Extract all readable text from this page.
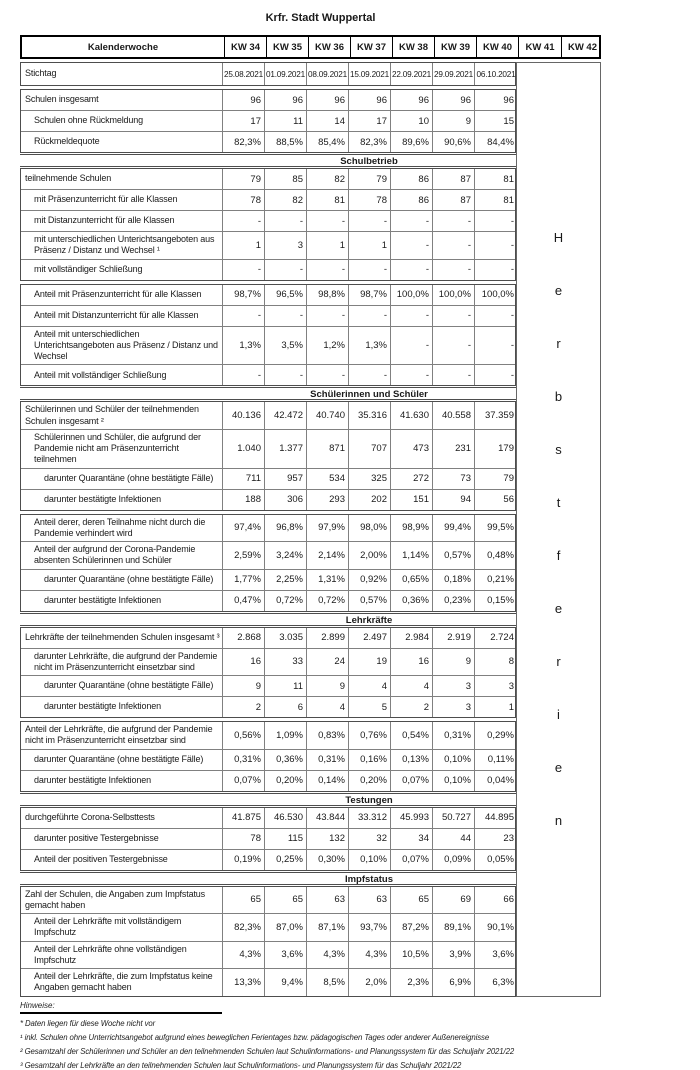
Krfr. Stadt Wuppertal
Kalenderwoche	KW 34	KW 35	KW 36	KW 37	KW 38	KW 39	KW 40	KW 41	KW 42
Stichtag	25.08.2021 01.09.2021 08.09.2021 15.09.2021 22.09.2021 29.09.2021 06.10.2021
Schulen insgesamt	96	96	96	96	96	96	96
Schulen ohne Rückmeldung	17	11	14	17	10	9	15
Rückmeldequote	82,3%	88,5%	85,4%	82,3%	89,6%	90,6%	84,4%
Schulbetrieb
teilnehmende Schulen	79	85	82	79	86	87	81
mit Präsenzunterricht für alle Klassen	78	82	81	78	86	87	81
mit Distanzunterricht für alle Klassen	-	-	-	-	-	-	-
mit unterschiedlichen Unterichtsangeboten aus Präsenz / Distanz und Wechsel ¹	1	3	1	1	-	-	-
mit vollständiger Schließung	-	-	-	-	-	-	-
Anteil mit Präsenzunterricht für alle Klassen	98,7%	96,5%	98,8%	98,7%	100,0%	100,0%	100,0%
Anteil mit Distanzunterricht für alle Klassen	-	-	-	-	-	-	-
Anteil mit unterschiedlichen Unterichtsangeboten aus Präsenz / Distanz und Wechsel
1,3%	3,5%	1,2%	1,3%	-	-	-
Anteil mit vollständiger Schließung	-	-	-	-	-	-	-
Schülerinnen und Schüler
Schülerinnen und Schüler der teilnehmenden Schulen insgesamt ²	40.136	42.472	40.740	35.316	41.630	40.558	37.359
Schülerinnen und Schüler, die aufgrund der Pandemie nicht am Präsenzunterricht teilnehmen
1.040	1.377	871	707	473	231	179
darunter Quarantäne (ohne bestätigte Fälle)	711	957	534	325	272	73	79
darunter bestätigte Infektionen	188	306	293	202	151	94	56
Anteil derer, deren Teilnahme nicht durch die Pandemie verhindert wird	97,4%	96,8%	97,9%	98,0%	98,9%	99,4%	99,5%
Anteil der aufgrund der Corona-Pandemie absenten Schülerinnen und Schüler	2,59%	3,24%	2,14%	2,00%	1,14%	0,57%	0,48%
darunter Quarantäne (ohne bestätigte Fälle)	1,77%	2,25%	1,31%	0,92%	0,65%	0,18%	0,21%
darunter bestätigte Infektionen	0,47%	0,72%	0,72%	0,57%	0,36%	0,23%	0,15%
Lehrkräfte
Lehrkräfte der teilnehmenden Schulen insgesamt ³	2.868	3.035	2.899	2.497	2.984	2.919	2.724
darunter Lehrkräfte, die aufgrund der Pandemie nicht im Präsenzunterricht einsetzbar sind	16	33	24	19	16	9	8
darunter Quarantäne (ohne bestätigte Fälle)	9	11	9	4	4	3	3
darunter bestätigte Infektionen	2	6	4	5	2	3	1
Anteil der Lehrkräfte, die aufgrund der Pandemie nicht im Präsenzunterricht einsetzbar sind	0,56%	1,09%	0,83%	0,76%	0,54%	0,31%	0,29%
darunter Quarantäne (ohne bestätigte Fälle)	0,31%	0,36%	0,31%	0,16%	0,13%	0,10%	0,11%
darunter bestätigte Infektionen	0,07%	0,20%	0,14%	0,20%	0,07%	0,10%	0,04%
Testungen
durchgeführte Corona-Selbsttests	41.875	46.530	43.844	33.312	45.993	50.727	44.895
darunter positive Testergebnisse	78	115	132	32	34	44	23
Anteil der positiven Testergebnisse	0,19%	0,25%	0,30%	0,10%	0,07%	0,09%	0,05%
Impfstatus
Zahl der Schulen, die Angaben zum Impfstatus gemacht haben	65	65	63	63	65	69	66
Anteil der Lehrkräfte mit vollständigem Impfschutz	82,3%	87,0%	87,1%	93,7%	87,2%	89,1%	90,1%
Anteil der Lehrkräfte ohne vollständigen Impfschutz	4,3%	3,6%	4,3%	4,3%	10,5%	3,9%	3,6%
Anteil der Lehrkräfte, die zum Impfstatus keine Angaben gemacht haben	13,3%	9,4%	8,5%	2,0%	2,3%	6,9%	6,3%
H
e
r
b
s
t
f
e
r
i
e
n
Hinweise:
* Daten liegen für diese Woche nicht vor
¹ inkl. Schulen ohne Unterrichtsangebot aufgrund eines beweglichen Ferientages bzw. pädagogischen Tages oder anderer Außenereignisse
² Gesamtzahl der Schülerinnen und Schüler an den teilnehmenden Schulen laut Schulinformations- und Planungssystem für das Schuljahr 2021/22
³ Gesamtzahl der Lehrkräfte an den teilnehmenden Schulen laut Schulinformations- und Planungssystem für das Schuljahr 2021/22
